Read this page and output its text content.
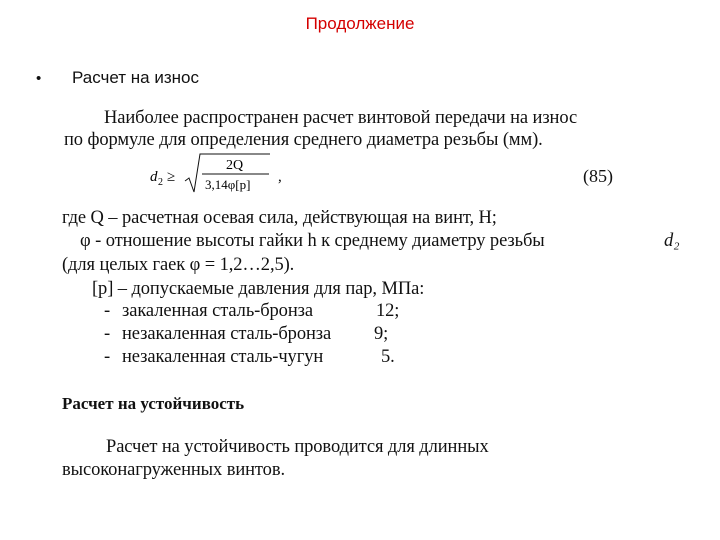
Продолжение
• Расчет на износ
Наиболее распространен расчет винтовой передачи на износ
по формуле для определения среднего диаметра резьбы (мм).
d 2 ≥
2Q
3,14φ[p] ,	(85)
где Q – расчетная осевая сила, действующая на винт, Н;
φ - отношение высоты гайки h к среднему диаметру резьбы	d₂
(для целых гаек φ = 1,2…2,5).
[p] – допускаемые давления для пар, МПа:
- закаленная сталь-бронза	12;
- незакаленная сталь-бронза 9;
- незакаленная сталь-чугун	5.
Расчет на устойчивость
Расчет на устойчивость проводится для длинных
высоконагруженных винтов.
